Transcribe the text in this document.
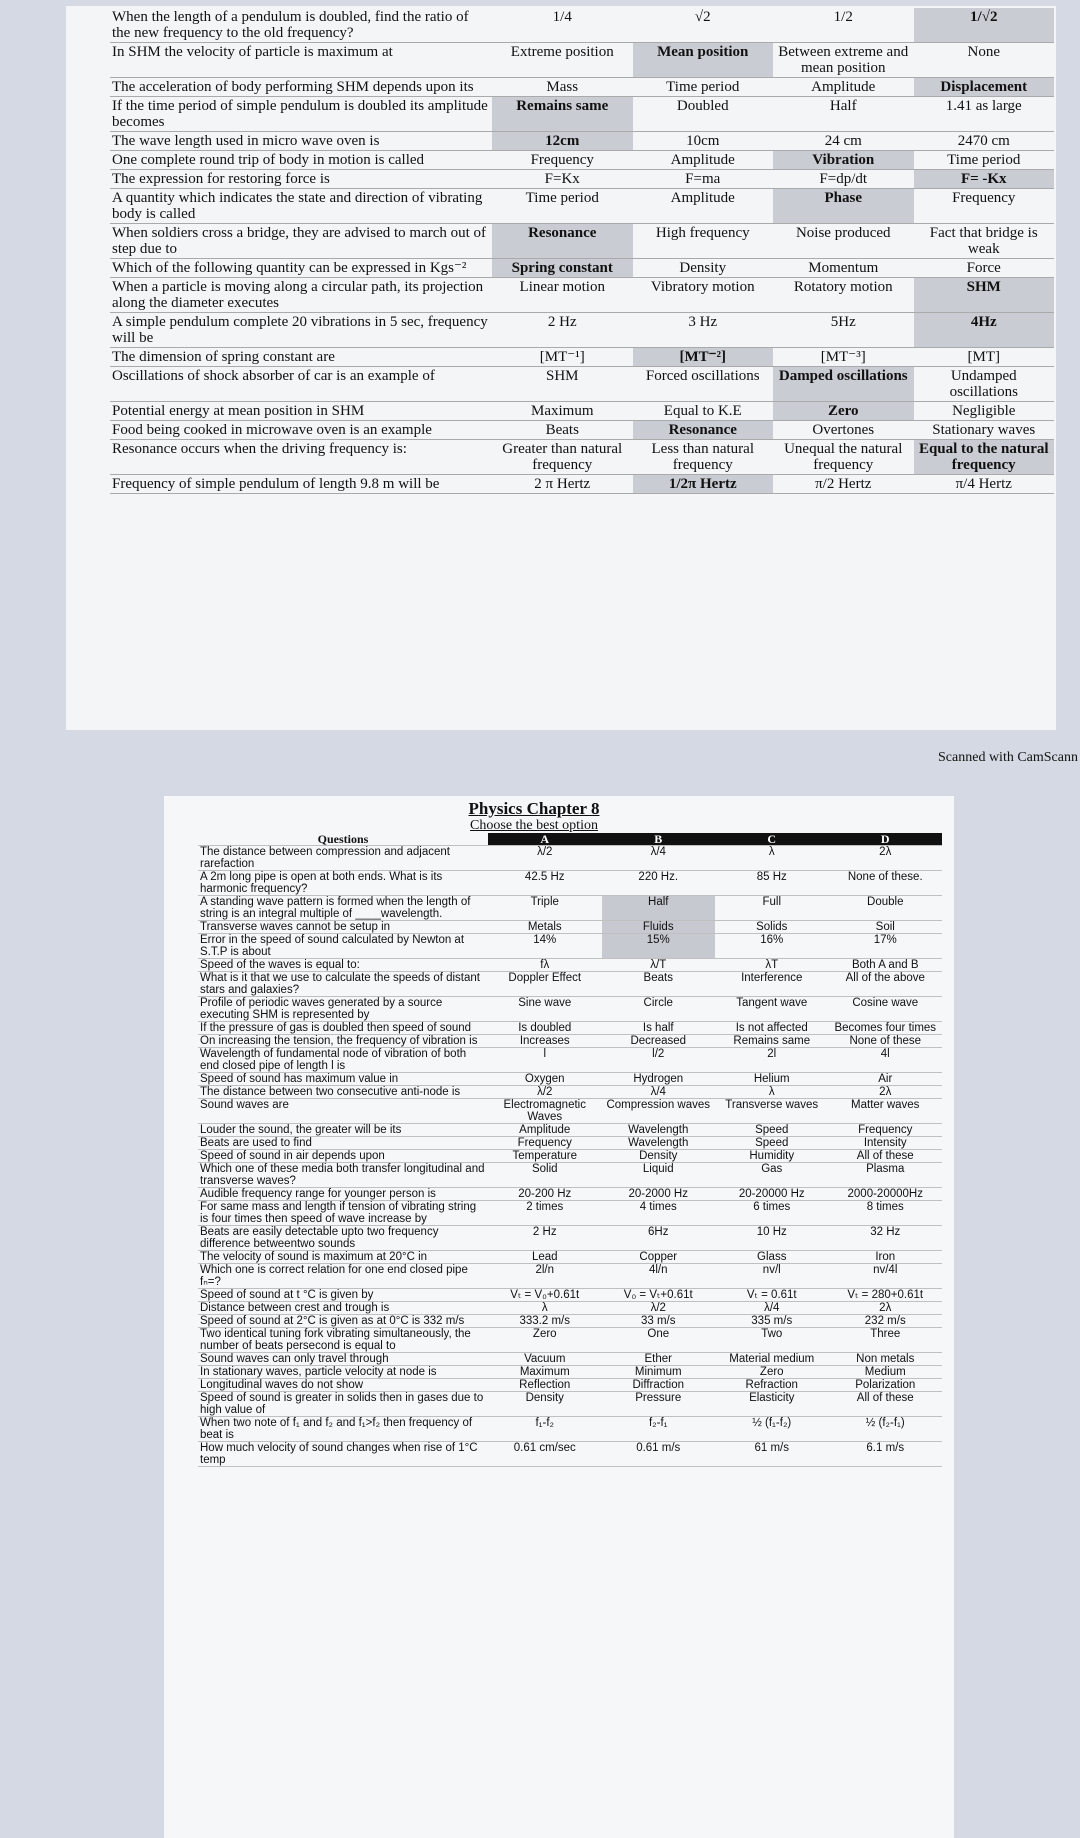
When the length of a pendulum is doubled, find the ratio of the new frequency to the old frequency?	1/4	√2	1/2	1/√2
In SHM the velocity of particle is maximum at	Extreme position	Mean position	Between extreme and mean position	None
The acceleration of body performing SHM depends upon its	Mass	Time period	Amplitude	Displacement
If the time period of simple pendulum is doubled its amplitude becomes	Remains same	Doubled	Half	1.41 as large
The wave length used in micro wave oven is	12cm	10cm	24 cm	2470 cm
One complete round trip of body in motion is called	Frequency	Amplitude	Vibration	Time period
The expression for restoring force is	F=Kx	F=ma	F=dp/dt	F= -Kx
A quantity which indicates the state and direction of vibrating body is called	Time period	Amplitude	Phase	Frequency
When soldiers cross a bridge, they are advised to march out of step due to	Resonance	High frequency	Noise produced	Fact that bridge is weak
Which of the following quantity can be expressed in Kgs⁻²	Spring constant	Density	Momentum	Force
When a particle is moving along a circular path, its projection along the diameter executes	Linear motion	Vibratory motion	Rotatory motion	SHM
A simple pendulum complete 20 vibrations in 5 sec, frequency will be	2 Hz	3 Hz	5Hz	4Hz
The dimension of spring constant are	[MT⁻¹]	[MT⁻²]	[MT⁻³]	[MT]
Oscillations of shock absorber of car is an example of	SHM	Forced oscillations	Damped oscillations	Undamped oscillations
Potential energy at mean position in SHM	Maximum	Equal to K.E	Zero	Negligible
Food being cooked in microwave oven is an example	Beats	Resonance	Overtones	Stationary waves
Resonance occurs when the driving frequency is:	Greater than natural frequency	Less than natural frequency	Unequal the natural frequency	Equal to the natural frequency
Frequency of simple pendulum of length 9.8 m will be	2 π Hertz	1/2π Hertz	π/2 Hertz	π/4 Hertz
Scanned with CamScann
Physics Chapter 8
Choose the best option
Questions	A	B	C	D
The distance between compression and adjacent rarefaction	λ/2	λ/4	λ	2λ
A 2m long pipe is open at both ends. What is its harmonic frequency?	42.5 Hz	220 Hz.	85 Hz	None of these.
A standing wave pattern is formed when the length of string is an integral multiple of ____wavelength.	Triple	Half	Full	Double
Transverse waves cannot be setup in	Metals	Fluids	Solids	Soil
Error in the speed of sound calculated by Newton at S.T.P is about	14%	15%	16%	17%
Speed of the waves is equal to:	fλ	λ/T	λT	Both A and B
What is it that we use to calculate the speeds of distant stars and galaxies?	Doppler Effect	Beats	Interference	All of the above
Profile of periodic waves generated by a source executing SHM is represented by	Sine wave	Circle	Tangent wave	Cosine wave
If the pressure of gas is doubled then speed of sound	Is doubled	Is half	Is not affected	Becomes four times
On increasing the tension, the frequency of vibration is	Increases	Decreased	Remains same	None of these
Wavelength of fundamental node of vibration of both end closed pipe of length l is	l	l/2	2l	4l
Speed of sound has maximum value in	Oxygen	Hydrogen	Helium	Air
The distance between two consecutive anti-node is	λ/2	λ/4	λ	2λ
Sound waves are	Electromagnetic Waves	Compression waves	Transverse waves	Matter waves
Louder the sound, the greater will be its	Amplitude	Wavelength	Speed	Frequency
Beats are used to find	Frequency	Wavelength	Speed	Intensity
Speed of sound in air depends upon	Temperature	Density	Humidity	All of these
Which one of these media both transfer longitudinal and transverse waves?	Solid	Liquid	Gas	Plasma
Audible frequency range for younger person is	20-200 Hz	20-2000 Hz	20-20000 Hz	2000-20000Hz
For same mass and length if tension of vibrating string is four times then speed of wave increase by	2 times	4 times	6 times	8 times
Beats are easily detectable upto two frequency difference betweentwo sounds	2 Hz	6Hz	10 Hz	32 Hz
The velocity of sound is maximum at 20°C in	Lead	Copper	Glass	Iron
Which one is correct relation for one end closed pipe fₙ=?	2l/n	4l/n	nv/l	nv/4l
Speed of sound at t °C is given by	Vₜ = V₀+0.61t	V₀ = Vₜ+0.61t	Vₜ = 0.61t	Vₜ = 280+0.61t
Distance between crest and trough is	λ	λ/2	λ/4	2λ
Speed of sound at 2°C is given as at 0°C is 332 m/s	333.2 m/s	33 m/s	335 m/s	232 m/s
Two identical tuning fork vibrating simultaneously, the number of beats persecond is equal to	Zero	One	Two	Three
Sound waves can only travel through	Vacuum	Ether	Material medium	Non metals
In stationary waves, particle velocity at node is	Maximum	Minimum	Zero	Medium
Longitudinal waves do not show	Reflection	Diffraction	Refraction	Polarization
Speed of sound is greater in solids then in gases due to high value of	Density	Pressure	Elasticity	All of these
When two note of f₁ and f₂ and f₁>f₂ then frequency of beat is	f₁-f₂	f₂-f₁	½ (f₁-f₂)	½ (f₂-f₁)
How much velocity of sound changes when rise of 1°C temp	0.61 cm/sec	0.61 m/s	61 m/s	6.1 m/s
